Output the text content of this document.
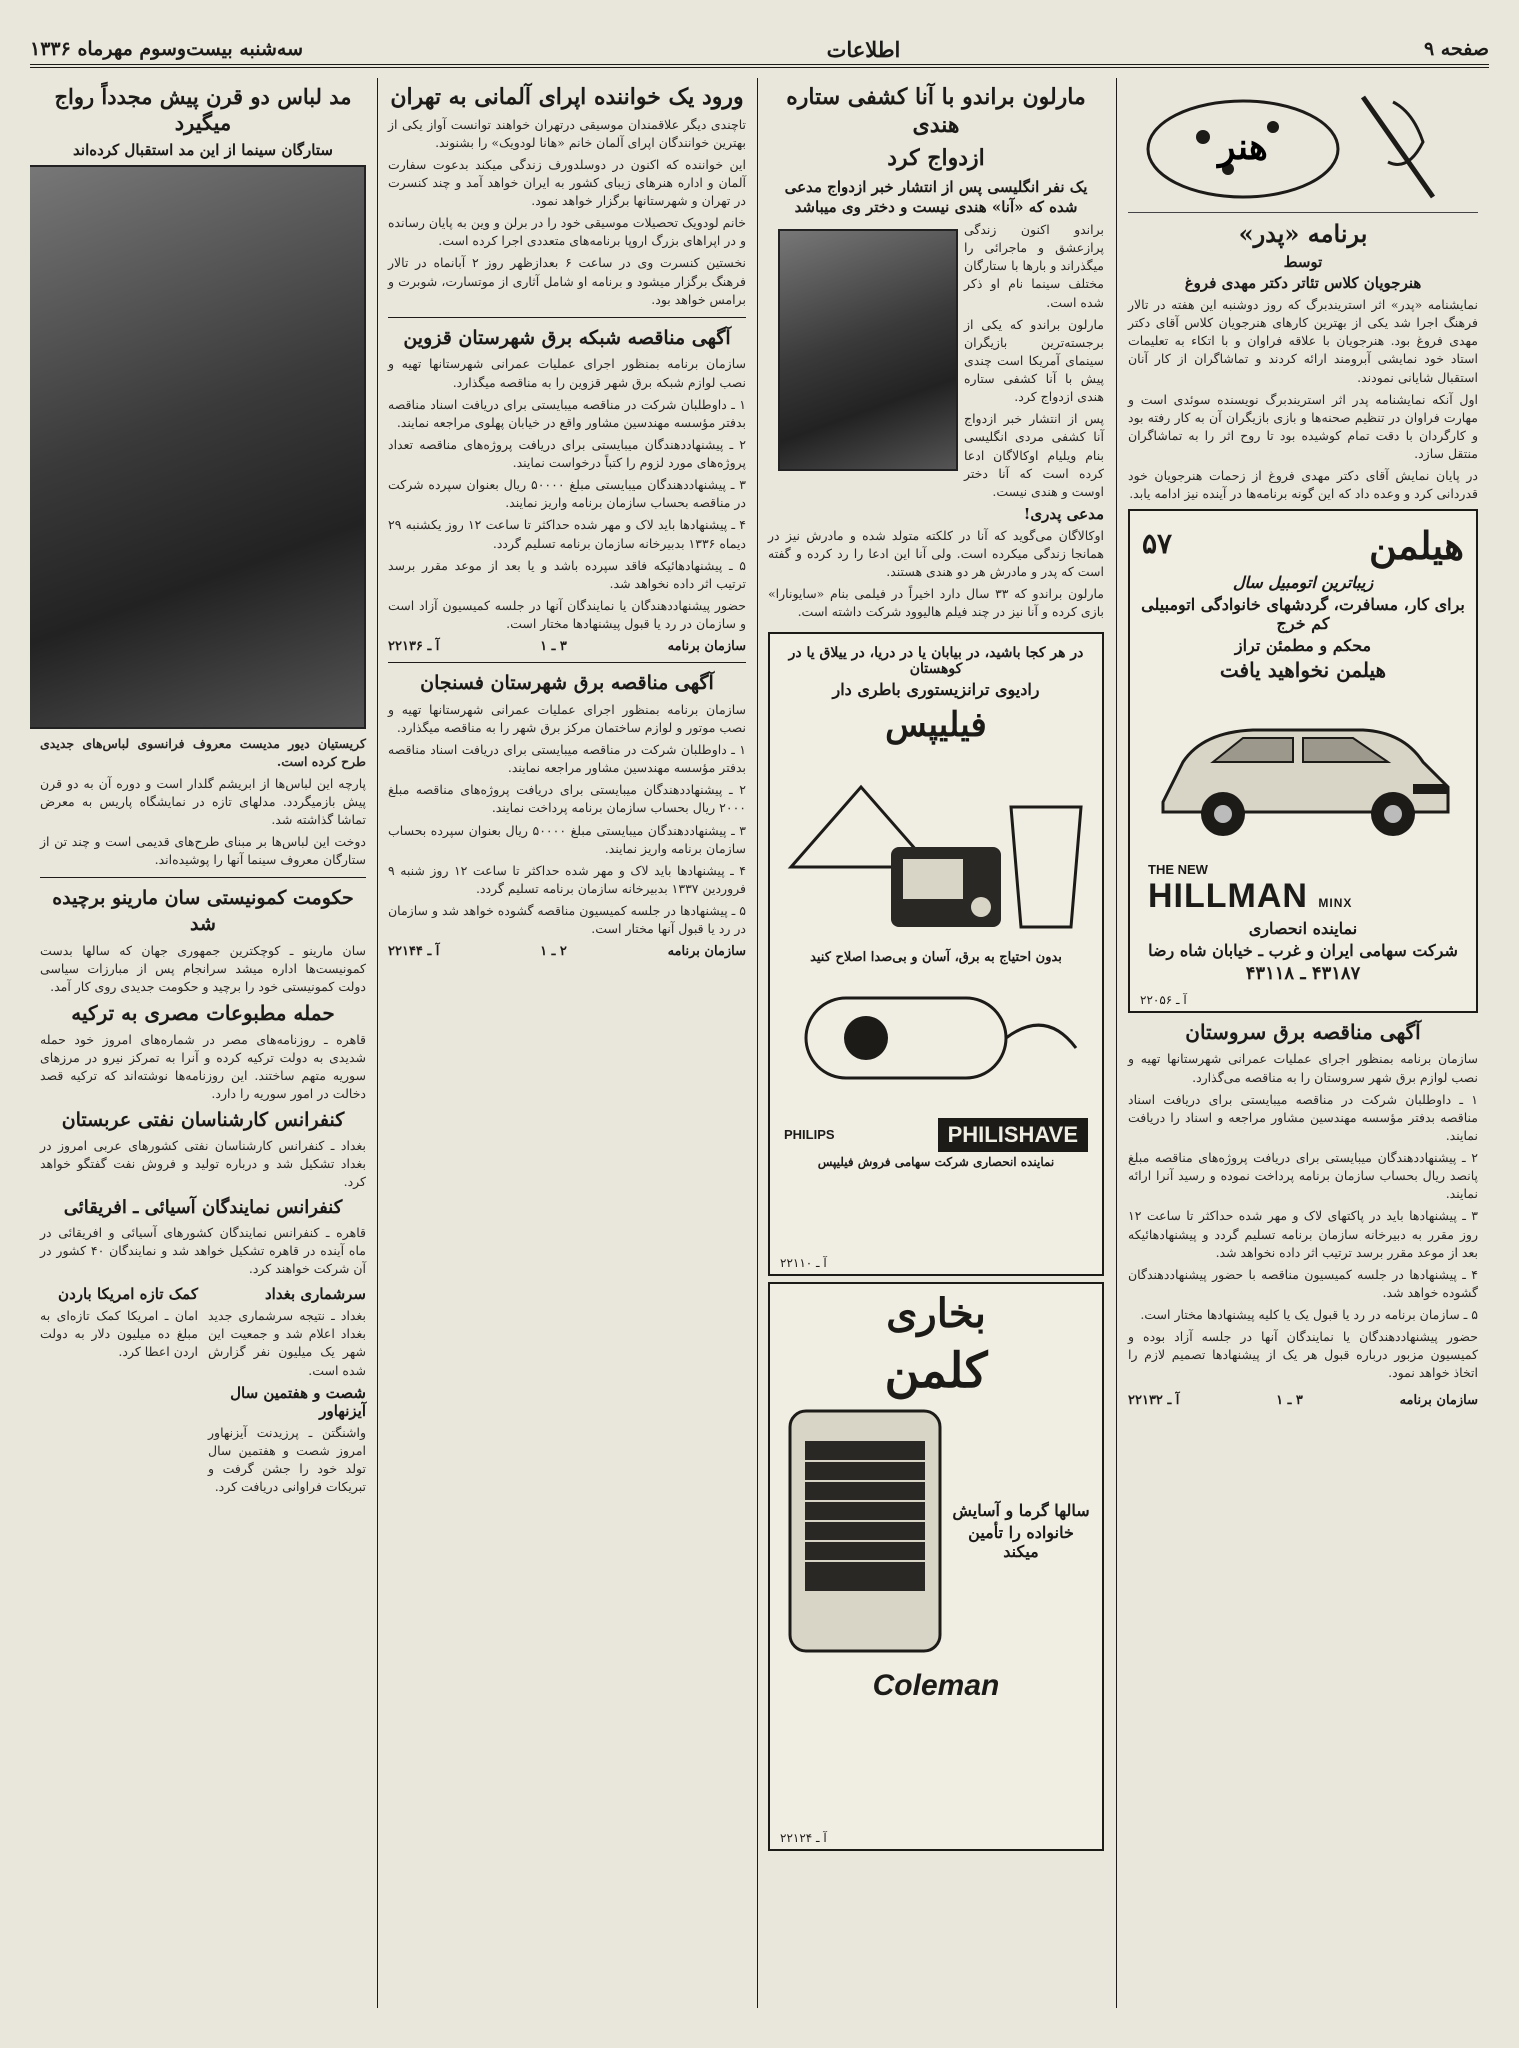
صفحه ۹
اطلاعات
سه‌شنبه بیست‌وسوم مهرماه ۱۳۳۶
هنر
برنامه «پدر»
توسط
هنرجویان کلاس تئاتر دکتر مهدی فروغ

نمایشنامه «پدر» اثر استریندبرگ که روز دوشنبه این هفته در تالار فرهنگ اجرا شد یکی از بهترین کارهای هنرجویان کلاس آقای دکتر مهدی فروغ بود. هنرجویان با علاقه فراوان و با اتکاء به تعلیمات استاد خود نمایشی آبرومند ارائه کردند و تماشاگران از کار آنان استقبال شایانی نمودند.

اول آنکه نمایشنامه پدر اثر استریندبرگ نویسنده سوئدی است و مهارت فراوان در تنظیم صحنه‌ها و بازی بازیگران آن به کار رفته بود و کارگردان با دقت تمام کوشیده بود تا روح اثر را به تماشاگران منتقل سازد.

در پایان نمایش آقای دکتر مهدی فروغ از زحمات هنرجویان خود قدردانی کرد و وعده داد که این گونه برنامه‌ها در آینده نیز ادامه یابد.

هیلمن
۵۷
زیباترین اتومبیل سال
برای کار، مسافرت، گردشهای خانوادگی اتومبیلی کم خرج
محکم و مطمئن تراز
هیلمن نخواهید یافت
THE NEW
HILLMAN MINX
نماینده انحصاری
شرکت سهامی ایران و غرب ـ خیابان شاه رضا
۴۳۱۸۷ ـ ۴۳۱۱۸
آ ـ ۲۲۰۵۶
آگهی مناقصه برق سروستان

سازمان برنامه بمنظور اجرای عملیات عمرانی شهرستانها تهیه و نصب لوازم برق شهر سروستان را به مناقصه می‌گذارد.

۱ ـ داوطلبان شرکت در مناقصه میبایستی برای دریافت اسناد مناقصه بدفتر مؤسسه مهندسین مشاور مراجعه و اسناد را دریافت نمایند.

۲ ـ پیشنهاددهندگان میبایستی برای دریافت پروژه‌های مناقصه مبلغ پانصد ریال بحساب سازمان برنامه پرداخت نموده و رسید آنرا ارائه نمایند.

۳ ـ پیشنهادها باید در پاکتهای لاک و مهر شده حداکثر تا ساعت ۱۲ روز مقرر به دبیرخانه سازمان برنامه تسلیم گردد و پیشنهادهائیکه بعد از موعد مقرر برسد ترتیب اثر داده نخواهد شد.

۴ ـ پیشنهادها در جلسه کمیسیون مناقصه با حضور پیشنهاددهندگان گشوده خواهد شد.

۵ ـ سازمان برنامه در رد یا قبول یک یا کلیه پیشنهادها مختار است.

حضور پیشنهاددهندگان یا نمایندگان آنها در جلسه آزاد بوده و کمیسیون مزبور درباره قبول هر یک از پیشنهادها تصمیم لازم را اتخاذ خواهد نمود.

سازمان برنامه
۳ ـ ۱
آ ـ ۲۲۱۳۲
مارلون براندو با آنا کشفی ستاره هندی
ازدواج کرد
یک نفر انگلیسی پس از انتشار خبر ازدواج مدعی شده که «آنا» هندی نیست و دختر وی میباشد

براندو اکنون زندگی پرازعشق و ماجرائی را میگذراند و بارها با ستارگان مختلف سینما نام او ذکر شده است.

مارلون براندو که یکی از برجسته‌ترین بازیگران سینمای آمریکا است چندی پیش با آنا کشفی ستاره هندی ازدواج کرد.

پس از انتشار خبر ازدواج آنا کشفی مردی انگلیسی بنام ویلیام اوکالاگان ادعا کرده است که آنا دختر اوست و هندی نیست.

مدعی پدری!

اوکالاگان می‌گوید که آنا در کلکته متولد شده و مادرش نیز در همانجا زندگی میکرده است. ولی آنا این ادعا را رد کرده و گفته است که پدر و مادرش هر دو هندی هستند.

مارلون براندو که ۳۳ سال دارد اخیراً در فیلمی بنام «سایونارا» بازی کرده و آنا نیز در چند فیلم هالیوود شرکت داشته است.

در هر کجا باشید، در بیابان یا در دریا، در ییلاق یا در کوهستان
رادیوی ترانزیستوری باطری دار
فیلیپس
بدون احتیاج به برق، آسان و بی‌صدا اصلاح کنید
PHILISHAVE
PHILIPS
نماینده انحصاری شرکت سهامی فروش فیلیپس
آ ـ ۲۲۱۱۰
بخاری
کلمن
سالها گرما و آسایش
خانواده را تأمین میکند
Coleman
آ ـ ۲۲۱۲۴
ورود یک خواننده اپرای آلمانی به تهران

تاچندی دیگر علاقمندان موسیقی درتهران خواهند توانست آواز یکی از بهترین خوانندگان اپرای آلمان خانم «هانا لودویک» را بشنوند.

این خواننده که اکنون در دوسلدورف زندگی میکند بدعوت سفارت آلمان و اداره هنرهای زیبای کشور به ایران خواهد آمد و چند کنسرت در تهران و شهرستانها برگزار خواهد نمود.

خانم لودویک تحصیلات موسیقی خود را در برلن و وین به پایان رسانده و در اپراهای بزرگ اروپا برنامه‌های متعددی اجرا کرده است.

نخستین کنسرت وی در ساعت ۶ بعدازظهر روز ۲ آبانماه در تالار فرهنگ برگزار میشود و برنامه او شامل آثاری از موتسارت، شوبرت و برامس خواهد بود.

آگهی مناقصه شبکه برق شهرستان قزوین

سازمان برنامه بمنظور اجرای عملیات عمرانی شهرستانها تهیه و نصب لوازم شبکه برق شهر قزوین را به مناقصه میگذارد.

۱ ـ داوطلبان شرکت در مناقصه میبایستی برای دریافت اسناد مناقصه بدفتر مؤسسه مهندسین مشاور واقع در خیابان پهلوی مراجعه نمایند.

۲ ـ پیشنهاددهندگان میبایستی برای دریافت پروژه‌های مناقصه تعداد پروژه‌های مورد لزوم را کتباً درخواست نمایند.

۳ ـ پیشنهاددهندگان میبایستی مبلغ ۵۰۰۰۰ ریال بعنوان سپرده شرکت در مناقصه بحساب سازمان برنامه واریز نمایند.

۴ ـ پیشنهادها باید لاک و مهر شده حداکثر تا ساعت ۱۲ روز یکشنبه ۲۹ دیماه ۱۳۳۶ بدبیرخانه سازمان برنامه تسلیم گردد.

۵ ـ پیشنهادهائیکه فاقد سپرده باشد و یا بعد از موعد مقرر برسد ترتیب اثر داده نخواهد شد.

حضور پیشنهاددهندگان یا نمایندگان آنها در جلسه کمیسیون آزاد است و سازمان در رد یا قبول پیشنهادها مختار است.

سازمان برنامه
۳ ـ ۱
آ ـ ۲۲۱۳۶
آگهی مناقصه برق شهرستان فسنجان

سازمان برنامه بمنظور اجرای عملیات عمرانی شهرستانها تهیه و نصب موتور و لوازم ساختمان مرکز برق شهر را به مناقصه میگذارد.

۱ ـ داوطلبان شرکت در مناقصه میبایستی برای دریافت اسناد مناقصه بدفتر مؤسسه مهندسین مشاور مراجعه نمایند.

۲ ـ پیشنهاددهندگان میبایستی برای دریافت پروژه‌های مناقصه مبلغ ۲۰۰۰ ریال بحساب سازمان برنامه پرداخت نمایند.

۳ ـ پیشنهاددهندگان میبایستی مبلغ ۵۰۰۰۰ ریال بعنوان سپرده بحساب سازمان برنامه واریز نمایند.

۴ ـ پیشنهادها باید لاک و مهر شده حداکثر تا ساعت ۱۲ روز شنبه ۹ فروردین ۱۳۳۷ بدبیرخانه سازمان برنامه تسلیم گردد.

۵ ـ پیشنهادها در جلسه کمیسیون مناقصه گشوده خواهد شد و سازمان در رد یا قبول آنها مختار است.

سازمان برنامه
۲ ـ ۱
آ ـ ۲۲۱۴۴
مد لباس دو قرن پیش مجدداً رواج میگیرد
ستارگان سینما از این مد استقبال کرده‌اند

کریستیان دیور مدیست معروف فرانسوی لباس‌های جدیدی طرح کرده است.

پارچه این لباس‌ها از ابریشم گلدار است و دوره آن به دو قرن پیش بازمیگردد. مدلهای تازه در نمایشگاه پاریس به معرض تماشا گذاشته شد.

دوخت این لباس‌ها بر مبنای طرح‌های قدیمی است و چند تن از ستارگان معروف سینما آنها را پوشیده‌اند.

حکومت کمونیستی سان مارینو برچیده شد

سان مارینو ـ کوچکترین جمهوری جهان که سالها بدست کمونیست‌ها اداره میشد سرانجام پس از مبارزات سیاسی دولت کمونیستی خود را برچید و حکومت جدیدی روی کار آمد.

حمله مطبوعات مصری به ترکیه

قاهره ـ روزنامه‌های مصر در شماره‌های امروز خود حمله شدیدی به دولت ترکیه کرده و آنرا به تمرکز نیرو در مرزهای سوریه متهم ساختند. این روزنامه‌ها نوشته‌اند که ترکیه قصد دخالت در امور سوریه را دارد.

کنفرانس کارشناسان نفتی عربستان

بغداد ـ کنفرانس کارشناسان نفتی کشورهای عربی امروز در بغداد تشکیل شد و درباره تولید و فروش نفت گفتگو خواهد کرد.

کنفرانس نمایندگان آسیائی ـ افریقائی

قاهره ـ کنفرانس نمایندگان کشورهای آسیائی و افریقائی در ماه آینده در قاهره تشکیل خواهد شد و نمایندگان ۴۰ کشور در آن شرکت خواهند کرد.

سرشماری بغداد

بغداد ـ نتیجه سرشماری جدید بغداد اعلام شد و جمعیت این شهر یک میلیون نفر گزارش شده است.

شصت و هفتمین سال آیزنهاور

واشنگتن ـ پرزیدنت آیزنهاور امروز شصت و هفتمین سال تولد خود را جشن گرفت و تبریکات فراوانی دریافت کرد.

کمک تازه امریکا باردن

امان ـ امریکا کمک تازه‌ای به مبلغ ده میلیون دلار به دولت اردن اعطا کرد.
